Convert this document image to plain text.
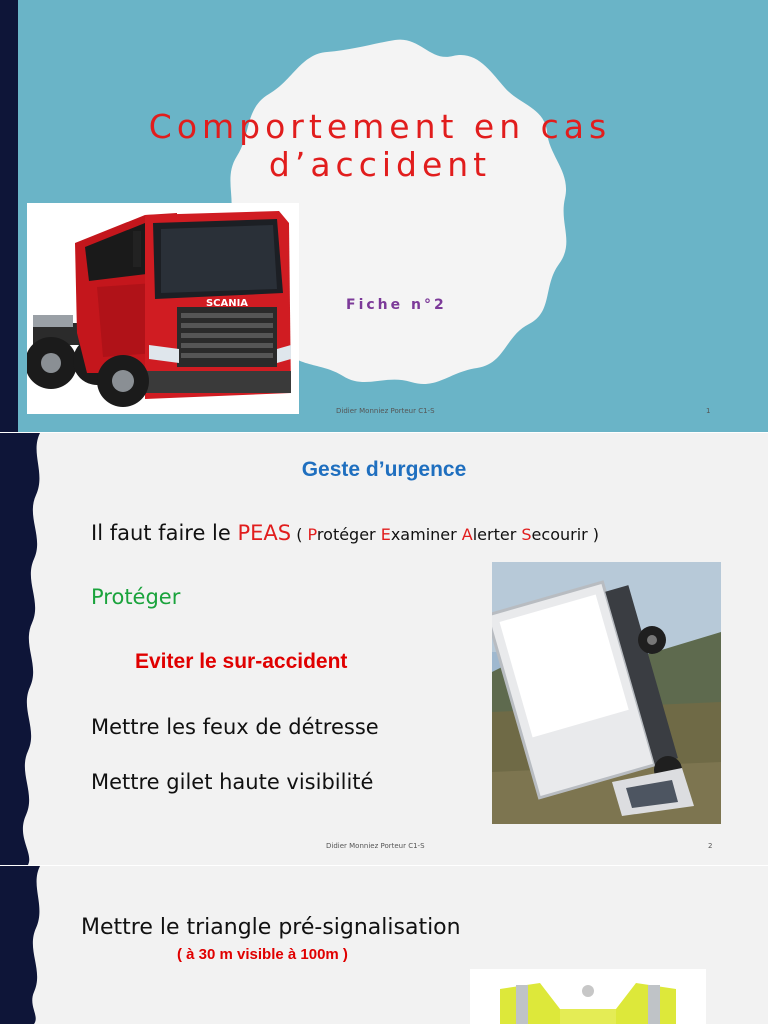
Comportement en cas
d’accident
Fiche n°2
SCANIA
Didier Monniez Porteur C1-S	1
Geste d’urgence
Il faut faire le PEAS ( Protéger Examiner Alerter Secourir )
Protéger
Eviter le sur-accident
Mettre les feux de détresse
Mettre gilet haute visibilité
Didier Monniez Porteur C1-S	2
Mettre le triangle pré-signalisation
( à 30 m visible à 100m )
